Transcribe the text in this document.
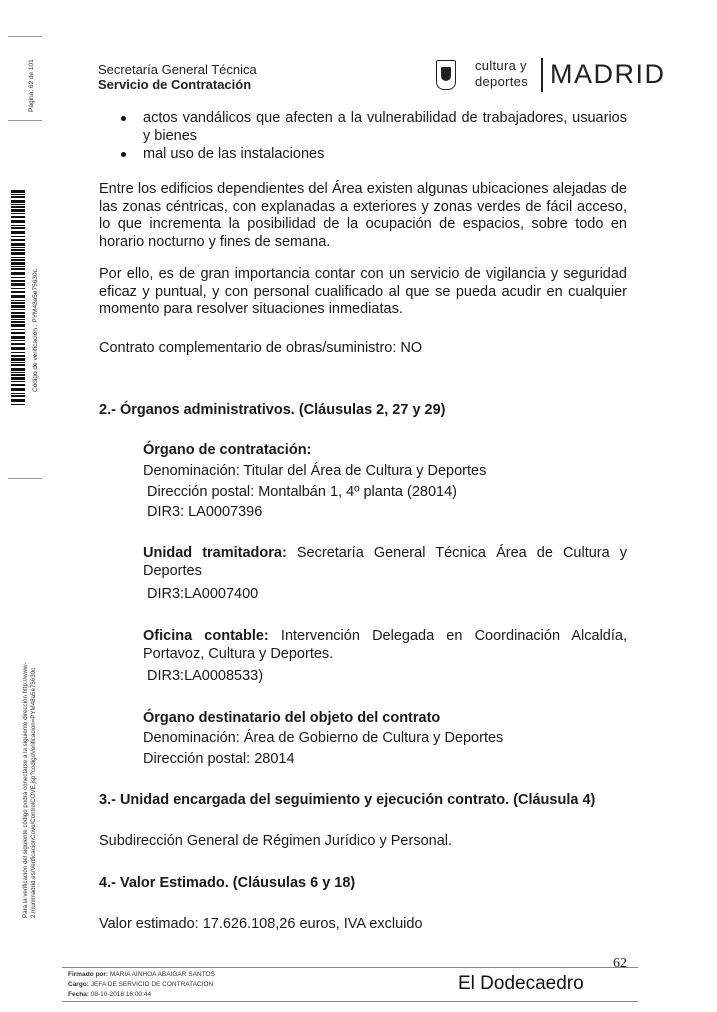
Página: 62 de 101
Código de verificación : PYM48a5e75630c
Para la verificación del siguiente código podrá conectarse a la siguiente dirección http://www-2.munimadrid.es/VerificacionCove/ControlCOVE.jsp?codigoVerificacion=PYM48a5e75630c
Secretaría General Técnica
Servicio de Contratación
cultura y
deportes MADRID
actos vandálicos que afecten a la vulnerabilidad de trabajadores, usuarios y bienes
mal uso de las instalaciones
Entre los edificios dependientes del Área existen algunas ubicaciones alejadas de las zonas céntricas, con explanadas a exteriores y zonas verdes de fácil acceso, lo que incrementa la posibilidad de la ocupación de espacios, sobre todo en horario nocturno y fines de semana.
Por ello, es de gran importancia contar con un servicio de vigilancia y seguridad eficaz y puntual, y con personal cualificado al que se pueda acudir en cualquier momento para resolver situaciones inmediatas.
Contrato complementario de obras/suministro: NO
2.- Órganos administrativos. (Cláusulas 2, 27 y 29)
Órgano de contratación:
Denominación: Titular del Área de Cultura y Deportes
Dirección postal: Montalbán 1, 4º planta (28014)
DIR3: LA0007396
Unidad tramitadora: Secretaría General Técnica Área de Cultura y Deportes
DIR3:LA0007400
Oficina contable: Intervención Delegada en Coordinación Alcaldía, Portavoz, Cultura y Deportes.
DIR3:LA0008533)
Órgano destinatario del objeto del contrato
Denominación: Área de Gobierno de Cultura y Deportes
Dirección postal: 28014
3.- Unidad encargada del seguimiento y ejecución contrato. (Cláusula 4)
Subdirección General de Régimen Jurídico y Personal.
4.- Valor Estimado. (Cláusulas 6 y 18)
Valor estimado: 17.626.108,26 euros, IVA excluido
62
Firmado por: MARIA AINHOA ABAIGAR SANTOS
Cargo: JEFA DE SERVICIO DE CONTRATACION
Fecha: 08-10-2018 16:00:44
El Dodecaedro
